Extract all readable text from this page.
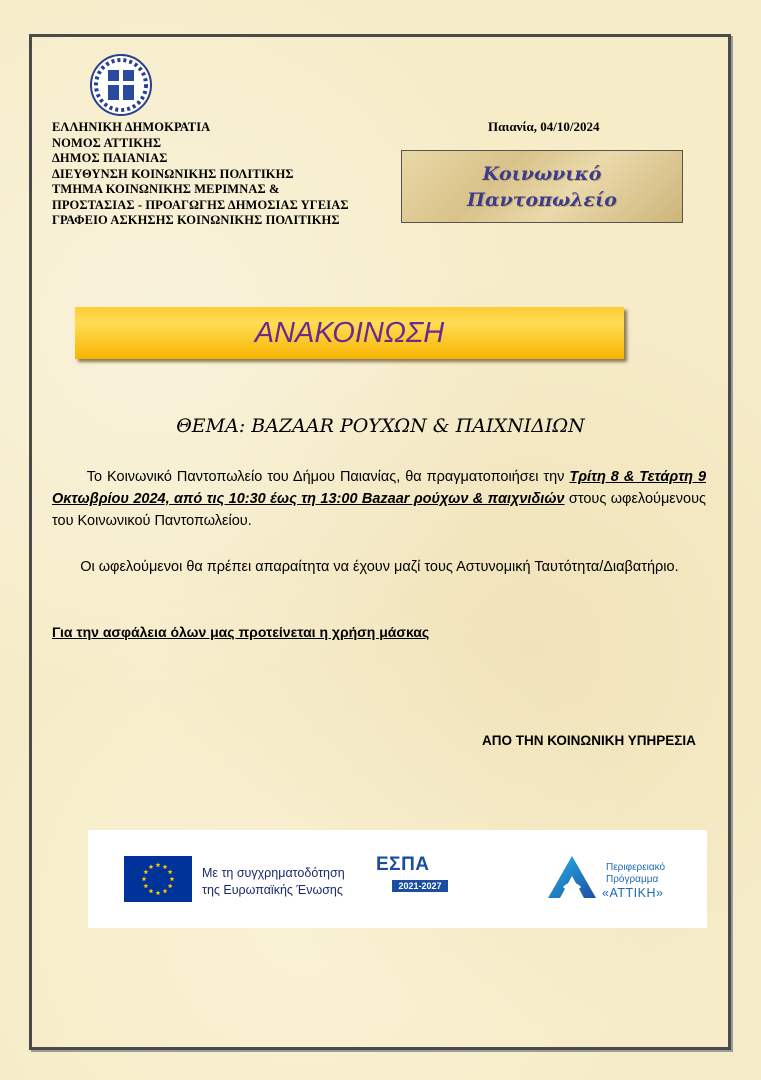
ΕΛΛΗΝΙΚΗ ΔΗΜΟΚΡΑΤΙΑ
ΝΟΜΟΣ ΑΤΤΙΚΗΣ
ΔΗΜΟΣ ΠΑΙΑΝΙΑΣ
ΔΙΕΥΘΥΝΣΗ ΚΟΙΝΩΝΙΚΗΣ ΠΟΛΙΤΙΚΗΣ
ΤΜΗΜΑ ΚΟΙΝΩΝΙΚΗΣ ΜΕΡΙΜΝΑΣ &
ΠΡΟΣΤΑΣΙΑΣ - ΠΡΟΑΓΩΓΗΣ ΔΗΜΟΣΙΑΣ ΥΓΕΙΑΣ
ΓΡΑΦΕΙΟ ΑΣΚΗΣΗΣ ΚΟΙΝΩΝΙΚΗΣ ΠΟΛΙΤΙΚΗΣ
Παιανία, 04/10/2024
Κοινωνικό
Παντοπωλείο
ΑΝΑΚΟΙΝΩΣΗ
ΘΕΜΑ: BAZAAR ΡΟΥΧΩΝ & ΠΑΙΧΝΙΔΙΩΝ
Το Κοινωνικό Παντοπωλείο του Δήμου Παιανίας, θα πραγματοποιήσει την Τρίτη 8 & Τετάρτη 9 Οκτωβρίου 2024, από τις 10:30 έως τη 13:00 Bazaar ρούχων & παιχνιδιών στους ωφελούμενους του Κοινωνικού Παντοπωλείου.
Οι ωφελούμενοι θα πρέπει απαραίτητα να έχουν μαζί τους Αστυνομική Ταυτότητα/Διαβατήριο.
Για την ασφάλεια όλων μας προτείνεται η χρήση μάσκας
ΑΠΟ ΤΗΝ ΚΟΙΝΩΝΙΚΗ ΥΠΗΡΕΣΙΑ
Με τη συγχρηματοδότηση
της Ευρωπαϊκής Ένωσης
ΕΣΠΑ
2021-2027
Περιφερειακό
Πρόγραμμα
«ΑΤΤΙΚΗ»
